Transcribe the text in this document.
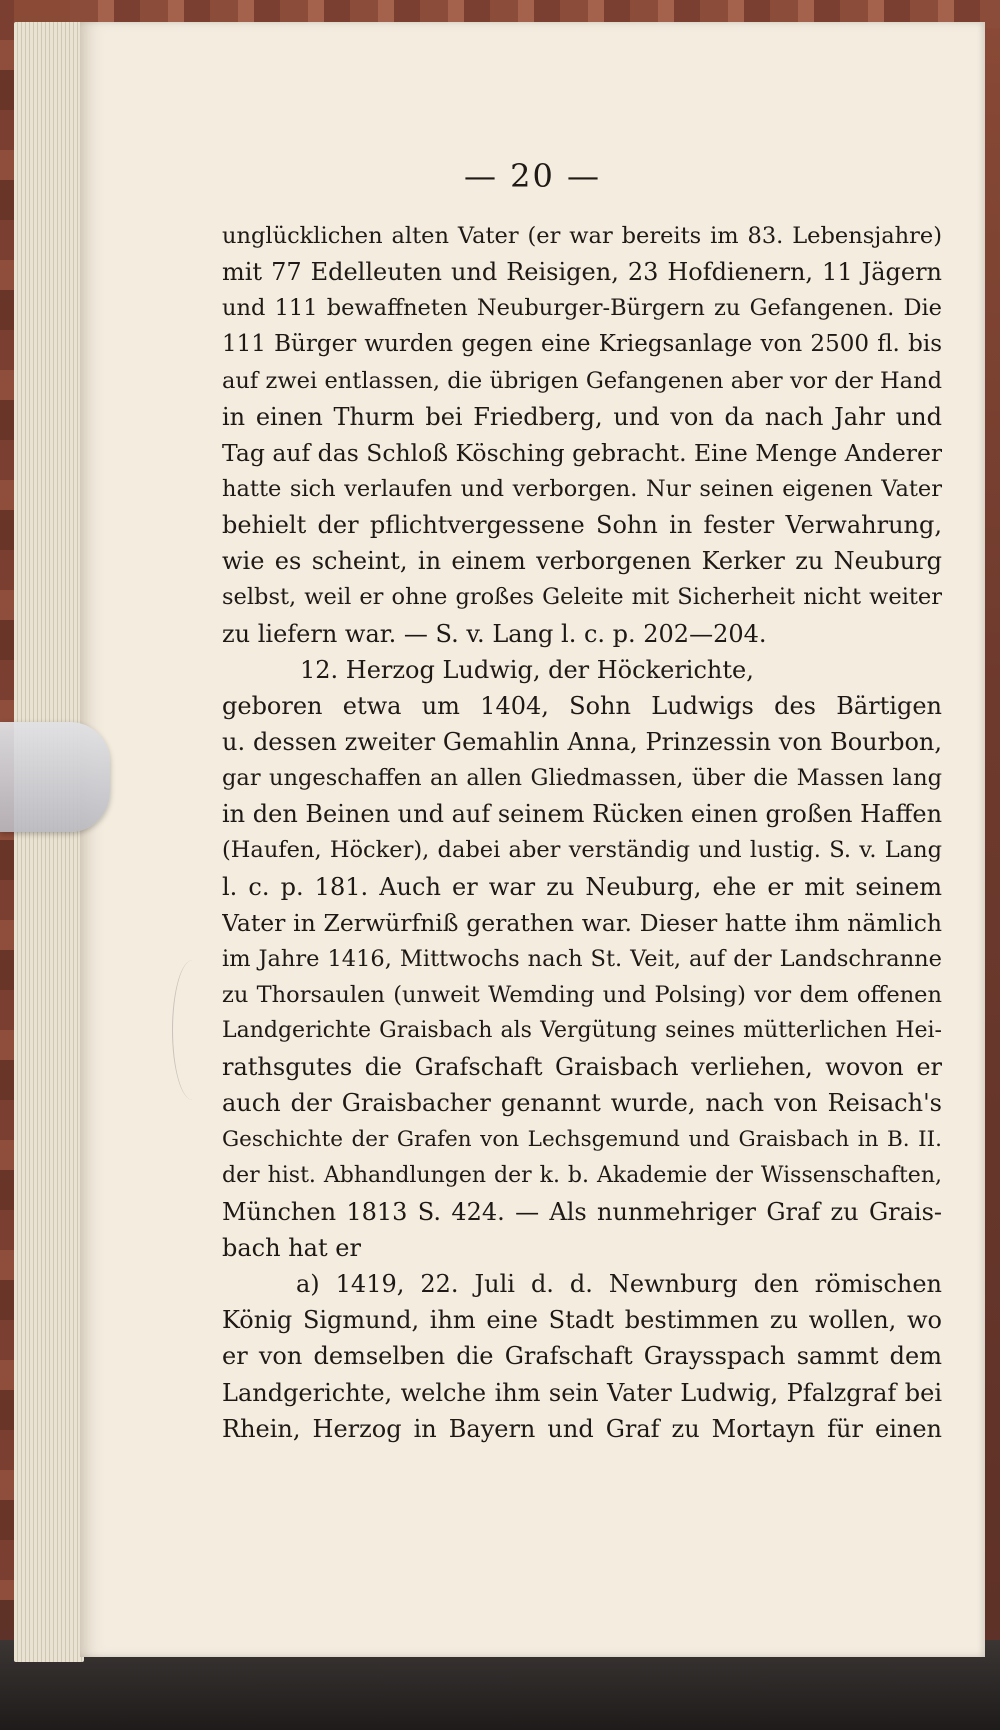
— 20 —
unglücklichen alten Vater (er war bereits im 83. Lebensjahre)
mit 77 Edelleuten und Reisigen, 23 Hofdienern, 11 Jägern
und 111 bewaffneten Neuburger-Bürgern zu Gefangenen. Die
111 Bürger wurden gegen eine Kriegsanlage von 2500 fl. bis
auf zwei entlassen, die übrigen Gefangenen aber vor der Hand
in einen Thurm bei Friedberg, und von da nach Jahr und
Tag auf das Schloß Kösching gebracht. Eine Menge Anderer
hatte sich verlaufen und verborgen. Nur seinen eigenen Vater
behielt der pflichtvergessene Sohn in fester Verwahrung,
wie es scheint, in einem verborgenen Kerker zu Neuburg
selbst, weil er ohne großes Geleite mit Sicherheit nicht weiter
zu liefern war. — S. v. Lang l. c. p. 202—204.
12. Herzog Ludwig, der Höckerichte,
geboren etwa um 1404, Sohn Ludwigs des Bärtigen
u. dessen zweiter Gemahlin Anna, Prinzessin von Bourbon,
gar ungeschaffen an allen Gliedmassen, über die Massen lang
in den Beinen und auf seinem Rücken einen großen Haffen
(Haufen, Höcker), dabei aber verständig und lustig. S. v. Lang
l. c. p. 181. Auch er war zu Neuburg, ehe er mit seinem
Vater in Zerwürfniß gerathen war. Dieser hatte ihm nämlich
im Jahre 1416, Mittwochs nach St. Veit, auf der Landschranne
zu Thorsaulen (unweit Wemding und Polsing) vor dem offenen
Landgerichte Graisbach als Vergütung seines mütterlichen Hei-
rathsgutes die Grafschaft Graisbach verliehen, wovon er
auch der Graisbacher genannt wurde, nach von Reisach's
Geschichte der Grafen von Lechsgemund und Graisbach in B. II.
der hist. Abhandlungen der k. b. Akademie der Wissenschaften,
München 1813 S. 424. — Als nunmehriger Graf zu Grais-
bach hat er
a) 1419, 22. Juli d. d. Newnburg den römischen
König Sigmund, ihm eine Stadt bestimmen zu wollen, wo
er von demselben die Grafschaft Graysspach sammt dem
Landgerichte, welche ihm sein Vater Ludwig, Pfalzgraf bei
Rhein, Herzog in Bayern und Graf zu Mortayn für einen
